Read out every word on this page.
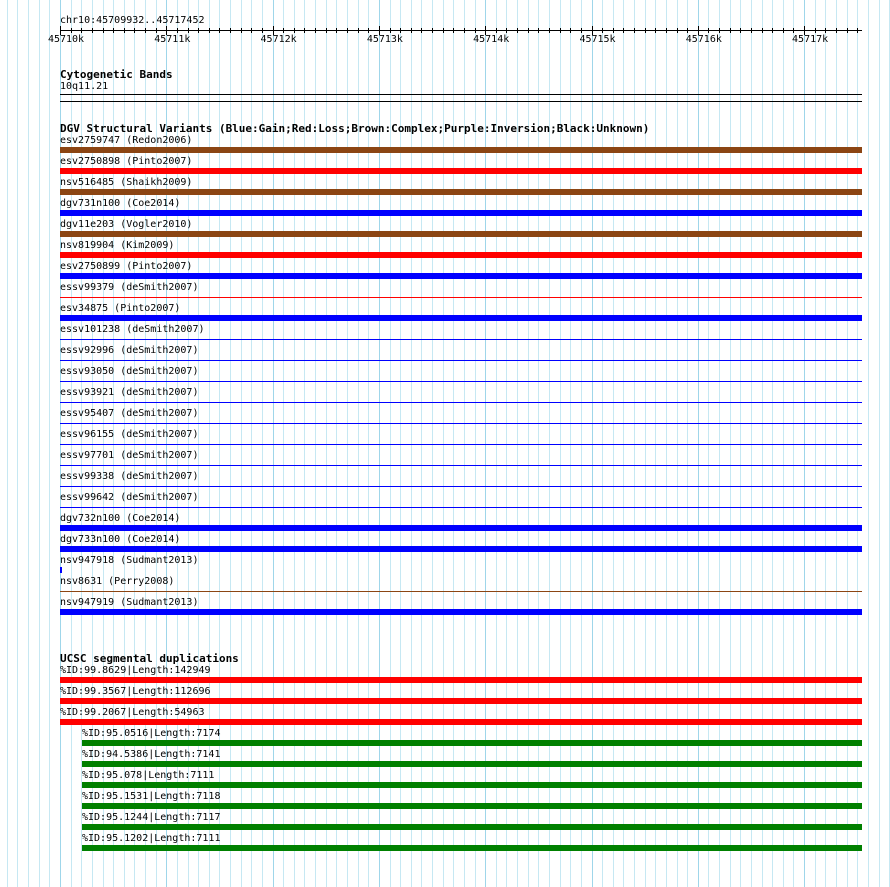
chr10:45709932..45717452
45710k	45711k	45712k	45713k	45714k	45715k	45716k	45717k
Cytogenetic Bands
10q11.21
DGV Structural Variants (Blue:Gain;Red:Loss;Brown:Complex;Purple:Inversion;Black:Unknown)
esv2759747 (Redon2006)
esv2750898 (Pinto2007)
nsv516485 (Shaikh2009)
dgv731n100 (Coe2014)
dgv11e203 (Vogler2010)
nsv819904 (Kim2009)
esv2750899 (Pinto2007)
essv99379 (deSmith2007)
esv34875 (Pinto2007)
essv101238 (deSmith2007)
essv92996 (deSmith2007)
essv93050 (deSmith2007)
essv93921 (deSmith2007)
essv95407 (deSmith2007)
essv96155 (deSmith2007)
essv97701 (deSmith2007)
essv99338 (deSmith2007)
essv99642 (deSmith2007)
dgv732n100 (Coe2014)
dgv733n100 (Coe2014)
nsv947918 (Sudmant2013)
nsv8631 (Perry2008)
nsv947919 (Sudmant2013)
UCSC segmental duplications
%ID:99.8629|Length:142949
%ID:99.3567|Length:112696
%ID:99.2067|Length:54963
%ID:95.0516|Length:7174
%ID:94.5386|Length:7141
%ID:95.078|Length:7111
%ID:95.1531|Length:7118
%ID:95.1244|Length:7117
%ID:95.1202|Length:7111
